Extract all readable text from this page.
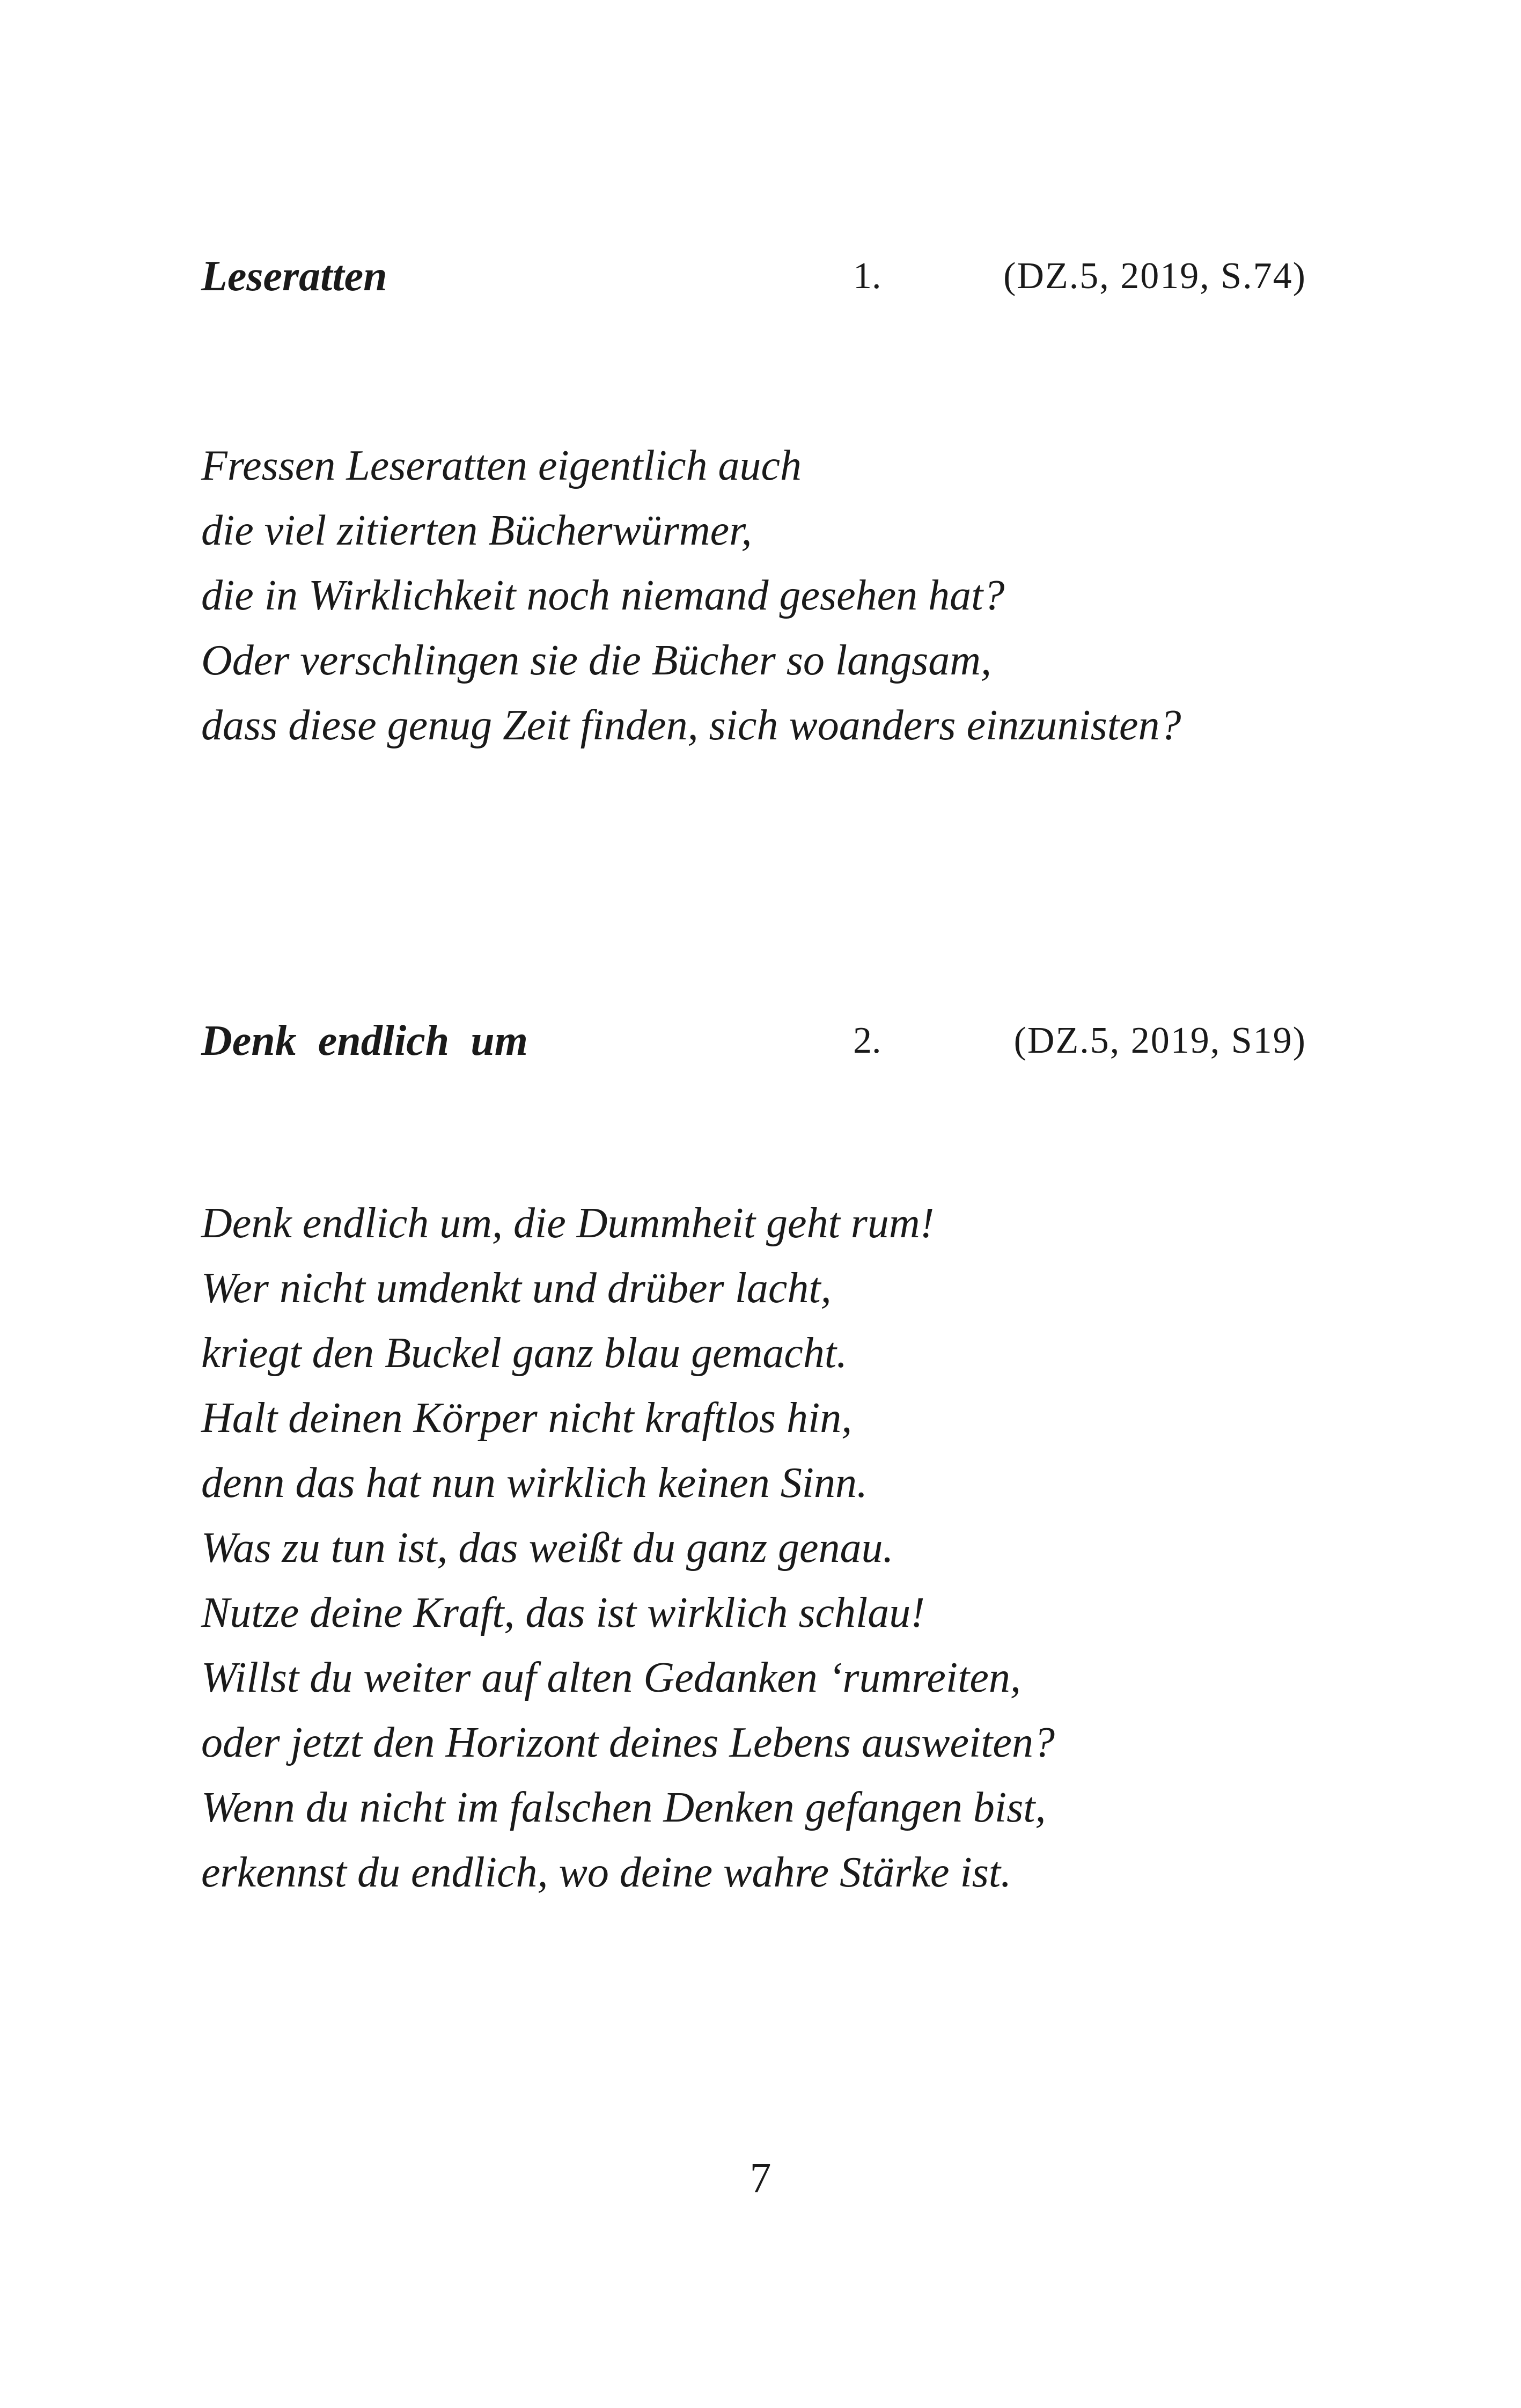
Leseratten	1.	(DZ.5, 2019, S.74)
Fressen Leseratten eigentlich auch
die viel zitierten Bücherwürmer,
die in Wirklichkeit noch niemand gesehen hat?
Oder verschlingen sie die Bücher so langsam,
dass diese genug Zeit finden, sich woanders einzunisten?
Denk  endlich  um	2.	(DZ.5, 2019, S19)
Denk endlich um, die Dummheit geht rum!
Wer nicht umdenkt und drüber lacht,
kriegt den Buckel ganz blau gemacht.
Halt deinen Körper nicht kraftlos hin,
denn das hat nun wirklich keinen Sinn.
Was zu tun ist, das weißt du ganz genau.
Nutze deine Kraft, das ist wirklich schlau!
Willst du weiter auf alten Gedanken ‘rumreiten,
oder jetzt den Horizont deines Lebens ausweiten?
Wenn du nicht im falschen Denken gefangen bist,
erkennst du endlich, wo deine wahre Stärke ist.
7
